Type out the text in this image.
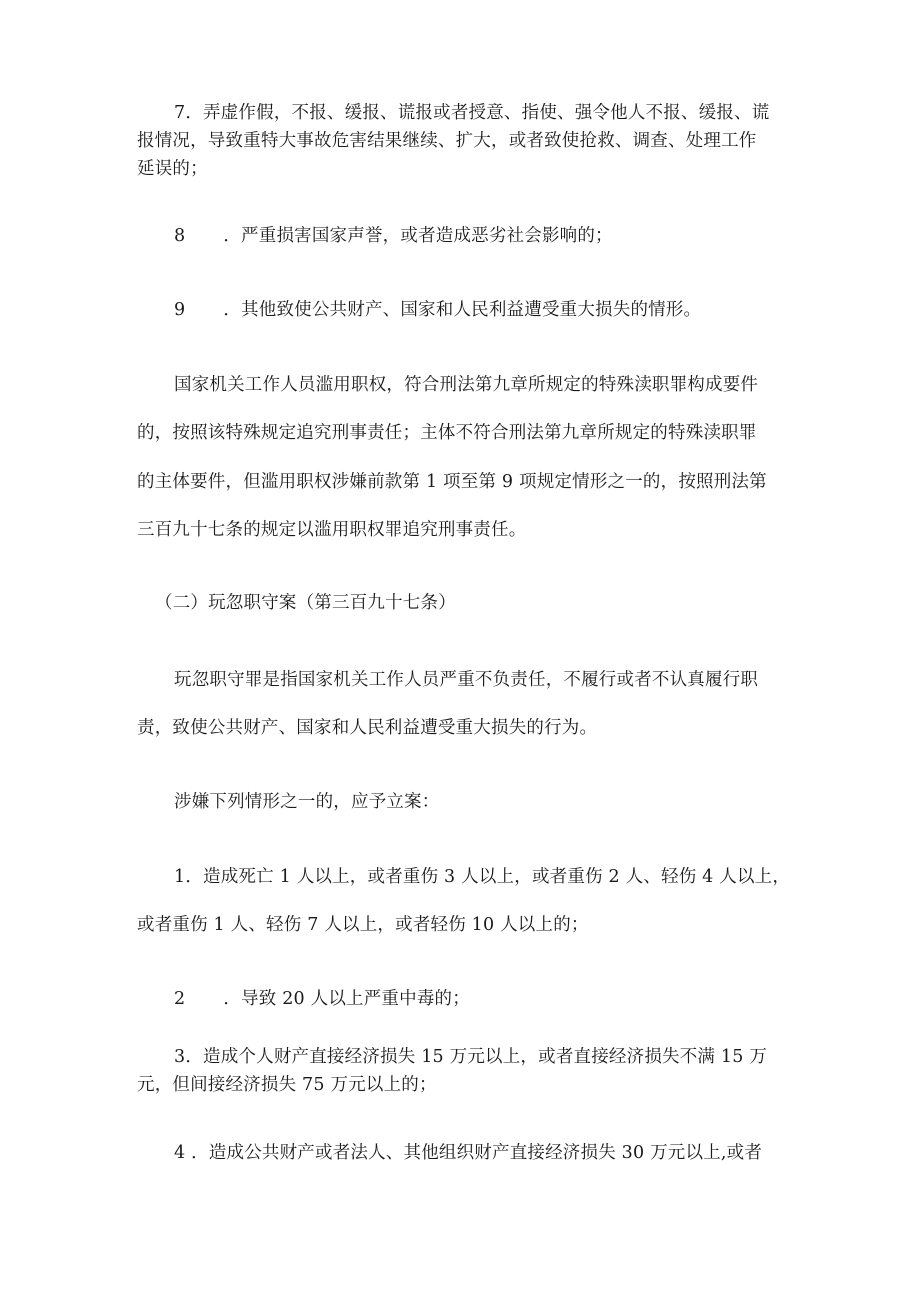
7．弄虚作假，不报、缓报、谎报或者授意、指使、强令他人不报、缓报、谎
报情况，导致重特大事故危害结果继续、扩大，或者致使抢救、调查、处理工作
延误的；
8 ．严重损害国家声誉，或者造成恶劣社会影响的；
9 ．其他致使公共财产、国家和人民利益遭受重大损失的情形。
国家机关工作人员滥用职权，符合刑法第九章所规定的特殊渎职罪构成要件
的，按照该特殊规定追究刑事责任；主体不符合刑法第九章所规定的特殊渎职罪
的主体要件，但滥用职权涉嫌前款第 1 项至第 9 项规定情形之一的，按照刑法第
三百九十七条的规定以滥用职权罪追究刑事责任。
（二）玩忽职守案（第三百九十七条）
玩忽职守罪是指国家机关工作人员严重不负责任，不履行或者不认真履行职
责，致使公共财产、国家和人民利益遭受重大损失的行为。
涉嫌下列情形之一的，应予立案：
1．造成死亡 1 人以上，或者重伤 3 人以上，或者重伤 2 人、轻伤 4 人以上，
或者重伤 1 人、轻伤 7 人以上，或者轻伤 10 人以上的；
2 ．导致 20 人以上严重中毒的；
3．造成个人财产直接经济损失 15 万元以上，或者直接经济损失不满 15 万
元，但间接经济损失 75 万元以上的；
4 ．造成公共财产或者法人、其他组织财产直接经济损失 30 万元以上,或者
